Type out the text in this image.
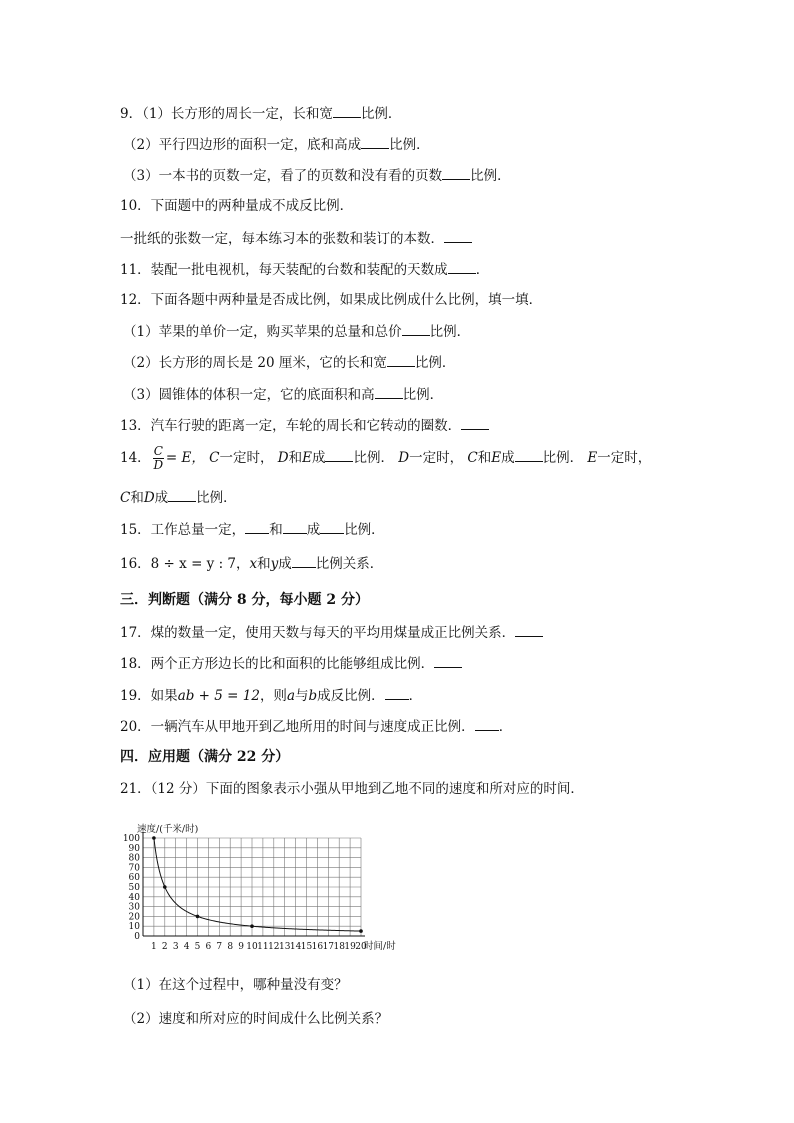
9．（1）长方形的周长一定，长和宽 比例．
（2）平行四边形的面积一定，底和高成 比例．
（3）一本书的页数一定，看了的页数和没有看的页数 比例．
10．下面题中的两种量成不成反比例．
一批纸的张数一定，每本练习本的张数和装订的本数．
11．装配一批电视机，每天装配的台数和装配的天数成 ．
12．下面各题中两种量是否成比例，如果成比例成什么比例，填一填．
（1）苹果的单价一定，购买苹果的总量和总价 比例．
（2）长方形的周长是 20 厘米，它的长和宽 比例．
（3）圆锥体的体积一定，它的底面积和高 比例．
13．汽车行驶的距离一定，车轮的周长和它转动的圈数．
14． $\frac{C}{D} = E$， C一定时， D和E成 比例． D一定时， C和E成 比例． E一定时，
C和D成 比例．
15．工作总量一定， 和 成 比例．
16．8 ÷ x = y : 7，x和y成 比例关系．
三．判断题（满分 8 分，每小题 2 分）
17．煤的数量一定，使用天数与每天的平均用煤量成正比例关系．
18．两个正方形边长的比和面积的比能够组成比例．
19．如果ab + 5 = 12，则a与b成反比例． ．
20．一辆汽车从甲地开到乙地所用的时间与速度成正比例． ．
四．应用题（满分 22 分）
21．（12 分）下面的图象表示小强从甲地到乙地不同的速度和所对应的时间．
0
10
20
30
40
50
60
70
80
90
100
1 2 3 4 5 6 7 8 9 10 11 12 13 14 15 16 17 18 19 20
速度/(千米/时)
时间/时
（1）在这个过程中，哪种量没有变？
（2）速度和所对应的时间成什么比例关系？
